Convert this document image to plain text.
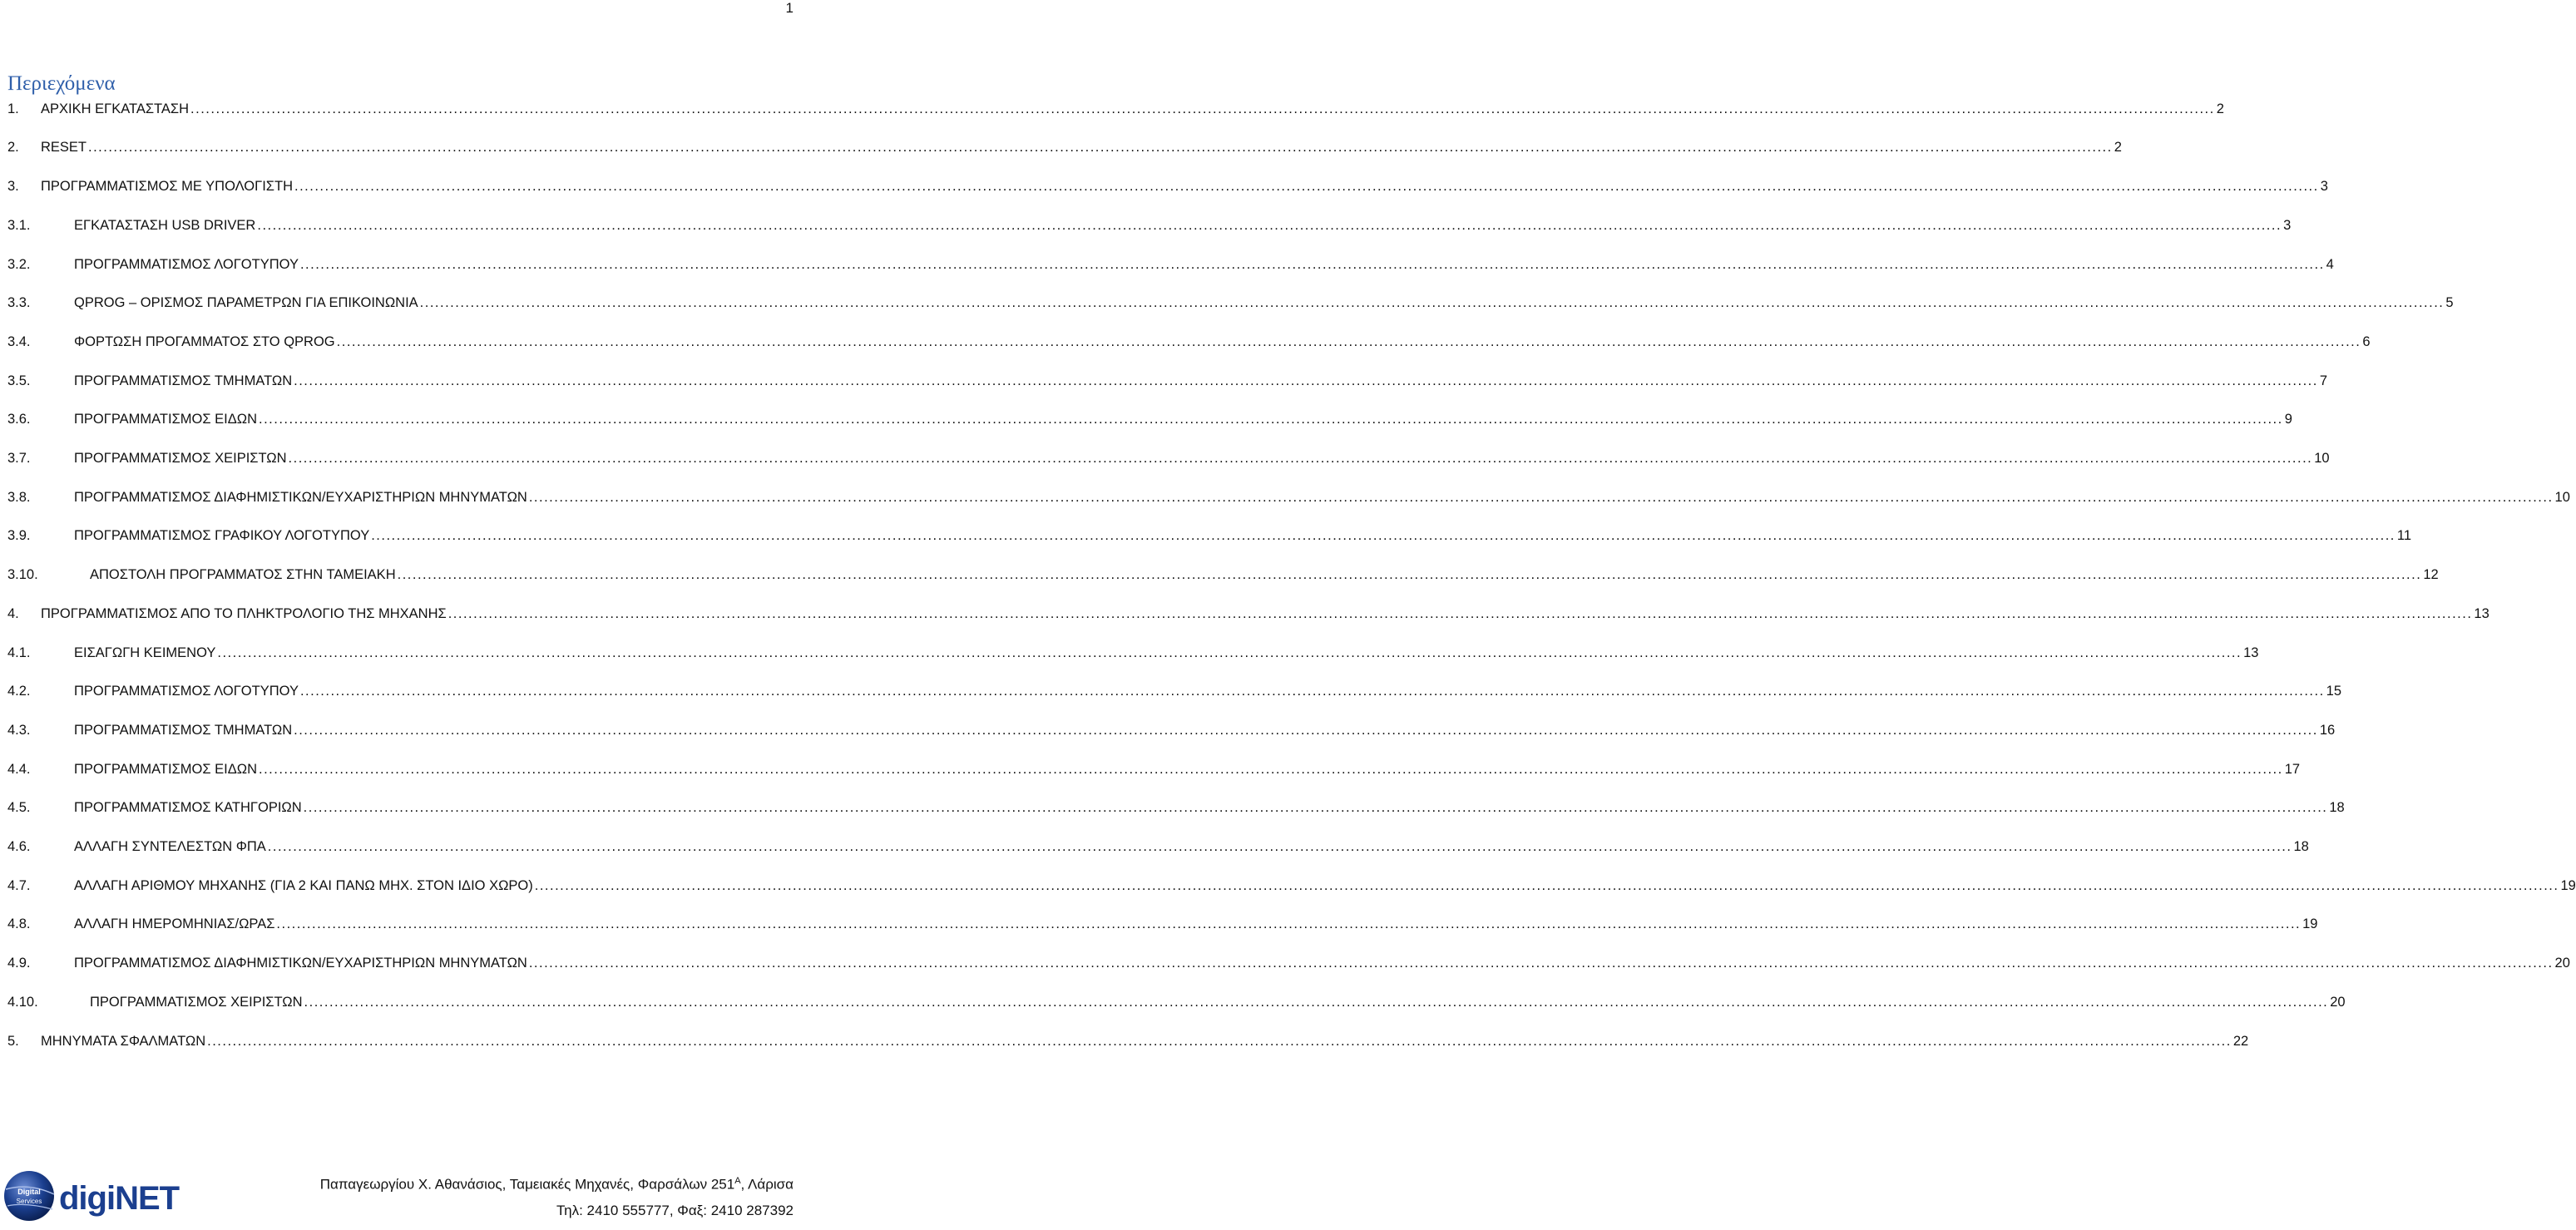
1
Περιεχόμενα
1.	ΑΡΧΙΚΗ ΕΓΚΑΤΑΣΤΑΣΗ ................................................................................................................................................................................................................................................................................................................................................................................................................ 2
2.	RESET ................................................................................................................................................................................................................................................................................................................................................................................................................ 2
3.	ΠΡΟΓΡΑΜΜΑΤΙΣΜΟΣ ΜΕ ΥΠΟΛΟΓΙΣΤΗ ................................................................................................................................................................................................................................................................................................................................................................................................................ 3
3.1.	ΕΓΚΑΤΑΣΤΑΣΗ USB DRIVER ................................................................................................................................................................................................................................................................................................................................................................................................................ 3
3.2.	ΠΡΟΓΡΑΜΜΑΤΙΣΜΟΣ ΛΟΓΟΤΥΠΟΥ ................................................................................................................................................................................................................................................................................................................................................................................................................ 4
3.3.	QPROG – ΟΡΙΣΜΟΣ ΠΑΡΑΜΕΤΡΩΝ ΓΙΑ ΕΠΙΚΟΙΝΩΝΙΑ ................................................................................................................................................................................................................................................................................................................................................................................................................ 5
3.4.	ΦΟΡΤΩΣΗ ΠΡΟΓΑΜΜΑΤΟΣ ΣΤΟ QPROG ................................................................................................................................................................................................................................................................................................................................................................................................................ 6
3.5.	ΠΡΟΓΡΑΜΜΑΤΙΣΜΟΣ ΤΜΗΜΑΤΩΝ ................................................................................................................................................................................................................................................................................................................................................................................................................ 7
3.6.	ΠΡΟΓΡΑΜΜΑΤΙΣΜΟΣ ΕΙΔΩΝ ................................................................................................................................................................................................................................................................................................................................................................................................................ 9
3.7.	ΠΡΟΓΡΑΜΜΑΤΙΣΜΟΣ ΧΕΙΡΙΣΤΩΝ ................................................................................................................................................................................................................................................................................................................................................................................................................ 10
3.8.	ΠΡΟΓΡΑΜΜΑΤΙΣΜΟΣ ΔΙΑΦΗΜΙΣΤΙΚΩΝ/ΕΥΧΑΡΙΣΤΗΡΙΩΝ ΜΗΝΥΜΑΤΩΝ ................................................................................................................................................................................................................................................................................................................................................................................................................ 10
3.9.	ΠΡΟΓΡΑΜΜΑΤΙΣΜΟΣ ΓΡΑΦΙΚΟΥ ΛΟΓΟΤΥΠΟΥ ................................................................................................................................................................................................................................................................................................................................................................................................................ 11
3.10.	ΑΠΟΣΤΟΛΗ ΠΡΟΓΡΑΜΜΑΤΟΣ ΣΤΗΝ ΤΑΜΕΙΑΚΗ ................................................................................................................................................................................................................................................................................................................................................................................................................ 12
4.	ΠΡΟΓΡΑΜΜΑΤΙΣΜΟΣ ΑΠΟ ΤΟ ΠΛΗΚΤΡΟΛΟΓΙΟ ΤΗΣ ΜΗΧΑΝΗΣ ................................................................................................................................................................................................................................................................................................................................................................................................................ 13
4.1.	ΕΙΣΑΓΩΓΗ ΚΕΙΜΕΝΟΥ ................................................................................................................................................................................................................................................................................................................................................................................................................ 13
4.2.	ΠΡΟΓΡΑΜΜΑΤΙΣΜΟΣ ΛΟΓΟΤΥΠΟΥ ................................................................................................................................................................................................................................................................................................................................................................................................................ 15
4.3.	ΠΡΟΓΡΑΜΜΑΤΙΣΜΟΣ ΤΜΗΜΑΤΩΝ ................................................................................................................................................................................................................................................................................................................................................................................................................ 16
4.4.	ΠΡΟΓΡΑΜΜΑΤΙΣΜΟΣ ΕΙΔΩΝ ................................................................................................................................................................................................................................................................................................................................................................................................................ 17
4.5.	ΠΡΟΓΡΑΜΜΑΤΙΣΜΟΣ ΚΑΤΗΓΟΡΙΩΝ ................................................................................................................................................................................................................................................................................................................................................................................................................ 18
4.6.	ΑΛΛΑΓΗ ΣΥΝΤΕΛΕΣΤΩΝ ΦΠΑ ................................................................................................................................................................................................................................................................................................................................................................................................................ 18
4.7.	ΑΛΛΑΓΗ ΑΡΙΘΜΟΥ ΜΗΧΑΝΗΣ (ΓΙΑ 2 ΚΑΙ ΠΑΝΩ ΜΗΧ. ΣΤΟΝ ΙΔΙΟ ΧΩΡΟ) ................................................................................................................................................................................................................................................................................................................................................................................................................ 19
4.8.	ΑΛΛΑΓΗ ΗΜΕΡΟΜΗΝΙΑΣ/ΩΡΑΣ ................................................................................................................................................................................................................................................................................................................................................................................................................ 19
4.9.	ΠΡΟΓΡΑΜΜΑΤΙΣΜΟΣ ΔΙΑΦΗΜΙΣΤΙΚΩΝ/ΕΥΧΑΡΙΣΤΗΡΙΩΝ ΜΗΝΥΜΑΤΩΝ ................................................................................................................................................................................................................................................................................................................................................................................................................ 20
4.10.	ΠΡΟΓΡΑΜΜΑΤΙΣΜΟΣ ΧΕΙΡΙΣΤΩΝ ................................................................................................................................................................................................................................................................................................................................................................................................................ 20
5.	ΜΗΝΥΜΑΤΑ ΣΦΑΛΜΑΤΩΝ ................................................................................................................................................................................................................................................................................................................................................................................................................ 22
Digital
Services digiNET	Παπαγεωργίου Χ. Αθανάσιος, Ταμειακές Μηχανές, Φαρσάλων $251^A$, Λάρισα
Τηλ: 2410 555777, Φαξ: 2410 287392
